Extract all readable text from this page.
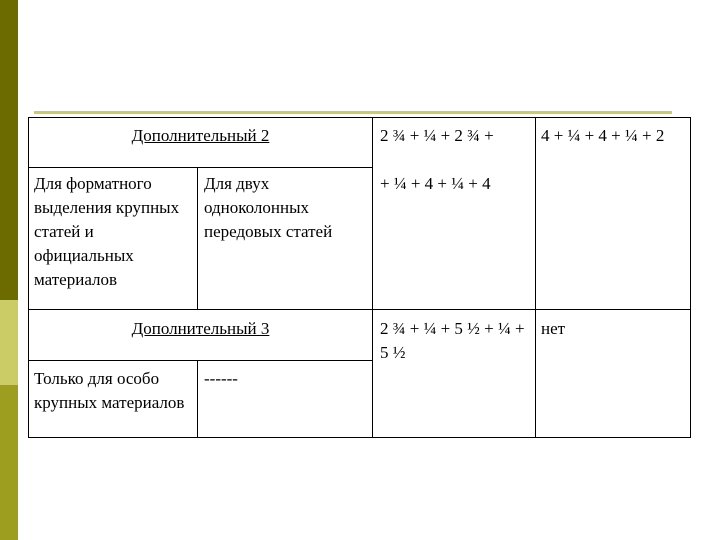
Дополнительный 2
Для форматного выделения крупных статей и официальных материалов
Для двух одноколонных передовых статей
2 ¾ + ¼ + 2 ¾ +
+ ¼ + 4 + ¼ + 4
4 + ¼ + 4 + ¼ + 2
Дополнительный 3
Только для особо крупных материалов
------
2 ¾ + ¼ + 5 ½ + ¼ + 5 ½
нет
